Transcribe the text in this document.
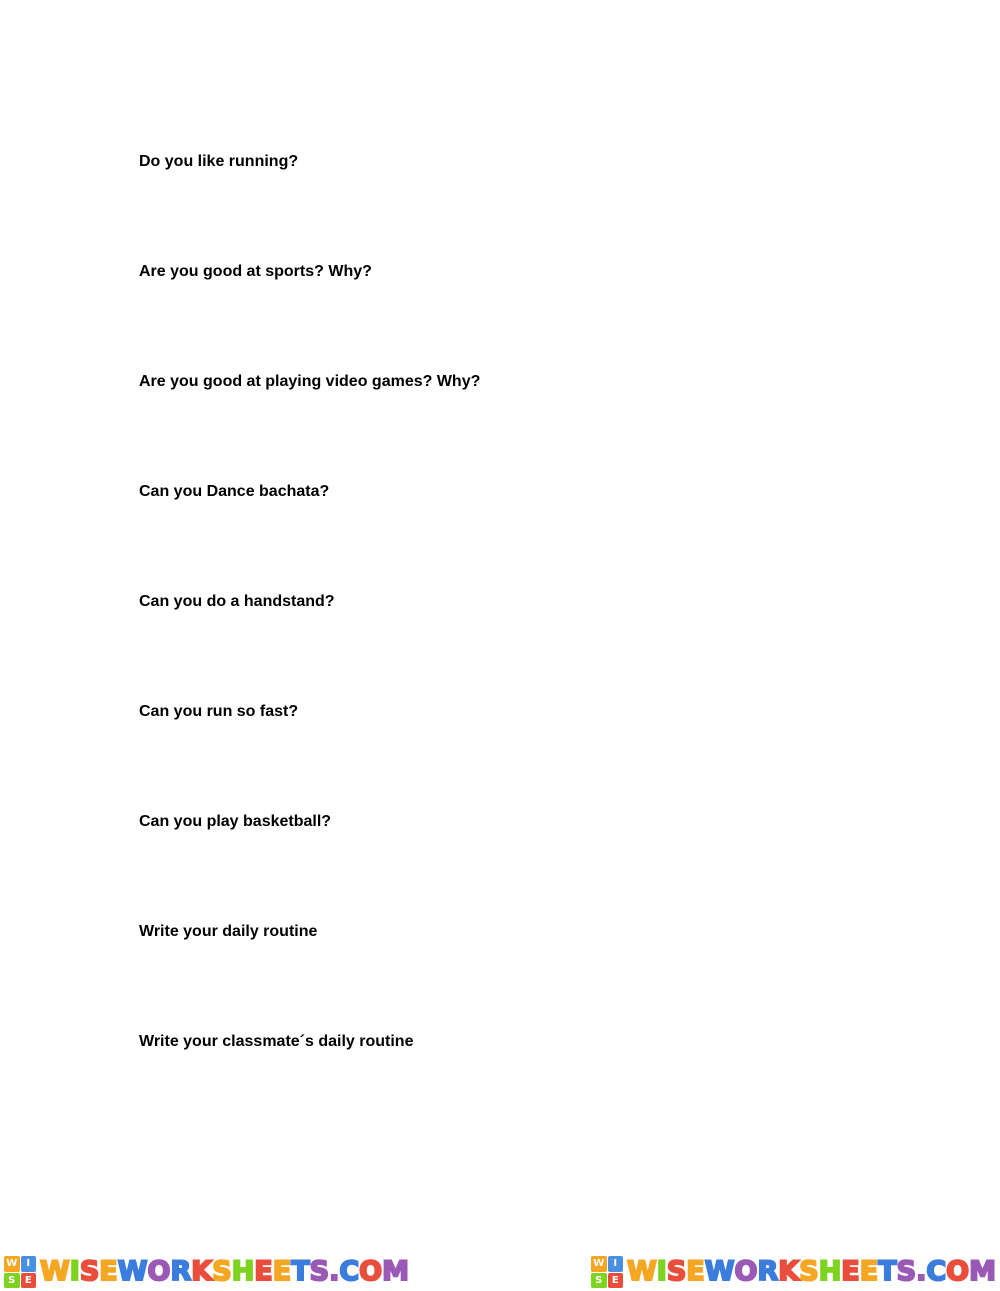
Do you like running?
Are you good at sports? Why?
Are you good at playing video games? Why?
Can you Dance bachata?
Can you do a handstand?
Can you run so fast?
Can you play basketball?
Write your daily routine
Write your classmate´s daily routine
W I
S E W I S E W O R K S H E E T S . C O M	W I
S E W I S E W O R K S H E E T S . C O M
